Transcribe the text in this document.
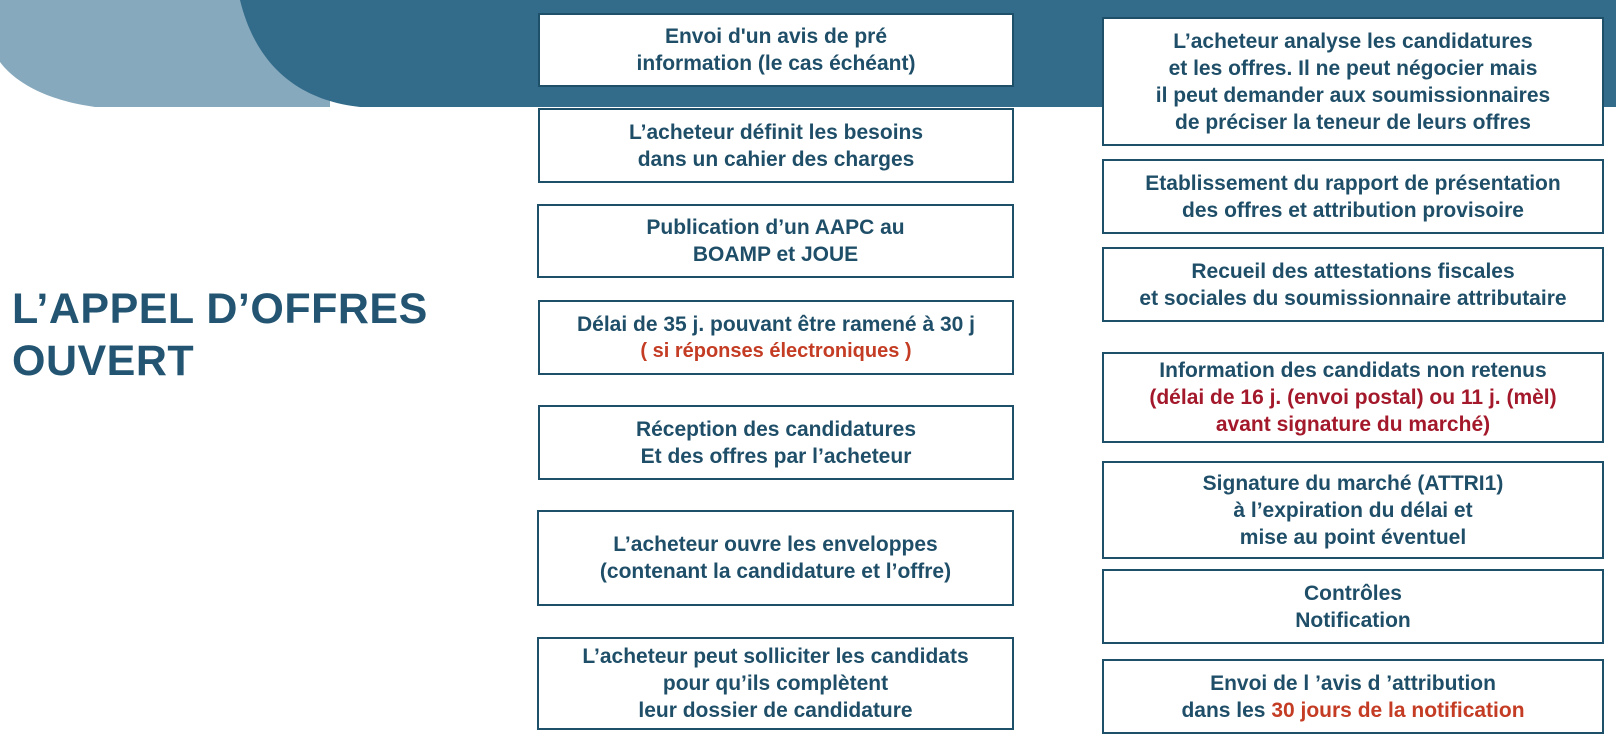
L’APPEL D’OFFRES
OUVERT
Envoi d'un avis de pré
information (le cas échéant)
L’acheteur définit les besoins
dans un cahier des charges
Publication d’un AAPC au
BOAMP et JOUE
Délai de 35 j. pouvant être ramené à 30 j
( si réponses électroniques )
Réception des candidatures
Et des offres par l’acheteur
L’acheteur ouvre les enveloppes
(contenant la candidature et l’offre)
L’acheteur peut solliciter les candidats
pour qu’ils complètent
leur dossier de candidature
L’acheteur analyse les candidatures
et les offres. Il ne peut négocier mais
il peut demander aux soumissionnaires
de préciser la teneur de leurs offres
Etablissement du rapport de présentation
des offres et attribution provisoire
Recueil des attestations fiscales
et sociales du soumissionnaire attributaire
Information des candidats non retenus
(délai de 16 j. (envoi postal) ou 11 j. (mèl)
avant signature du marché)
Signature du marché (ATTRI1)
à l’expiration du délai et
mise au point éventuel
Contrôles
Notification
Envoi de l ’avis d ’attribution
dans les 30 jours de la notification
